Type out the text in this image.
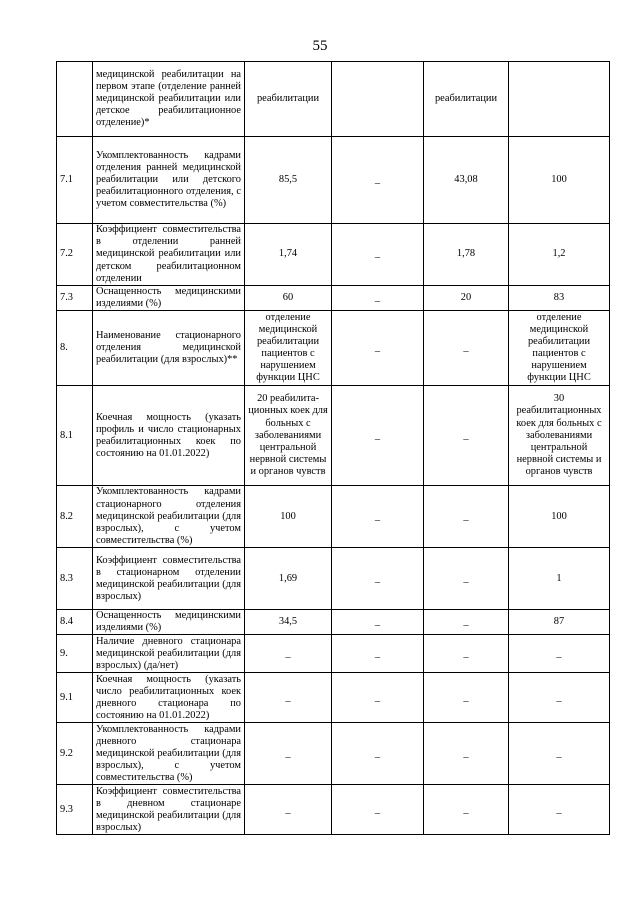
55
	медицинской реабилитации на первом этапе (отделение ранней медицинской реабилитации или детское реабилитационное отделение)*	реабилитации		реабилитации	
7.1	Укомплектованность кадрами отделения ранней медицинской реабилитации или детского реабилитационного отделения, с учетом совместительства (%)	85,5	_	43,08	100
7.2	Коэффициент совместительства в отделении ранней медицинской реабилитации или детском реабилитационном отделении	1,74	_	1,78	1,2
7.3	Оснащенность медицинскими изделиями (%)	60	_	20	83
8.	Наименование стационарного отделения медицинской реабилитации (для взрослых)**	отделение медицинской реабилитации пациентов с нарушением функции ЦНС	_	_	отделение медицинской реабилитации пациентов с нарушением функции ЦНС
8.1	Коечная мощность (указать профиль и число стационарных реабилитационных коек по состоянию на 01.01.2022)	20 реабилита-ционных коек для больных с заболеваниями центральной нервной системы и органов чувств	_	_	30 реабилитационных коек для больных с заболеваниями центральной нервной системы и органов чувств
8.2	Укомплектованность кадрами стационарного отделения медицинской реабилитации (для взрослых), с учетом совместительства (%)	100	_	_	100
8.3	Коэффициент совместительства в стационарном отделении медицинской реабилитации (для взрослых)	1,69	_	_	1
8.4	Оснащенность медицинскими изделиями (%)	34,5	_	_	87
9.	Наличие дневного стационара медицинской реабилитации (для взрослых) (да/нет)	_	_	_	_
9.1	Коечная мощность (указать число реабилитационных коек дневного стационара по состоянию на 01.01.2022)	_	_	_	_
9.2	Укомплектованность кадрами дневного стационара медицинской реабилитации (для взрослых), с учетом совместительства (%)	_	_	_	_
9.3	Коэффициент совместительства в дневном стационаре медицинской реабилитации (для взрослых)	_	_	_	_
